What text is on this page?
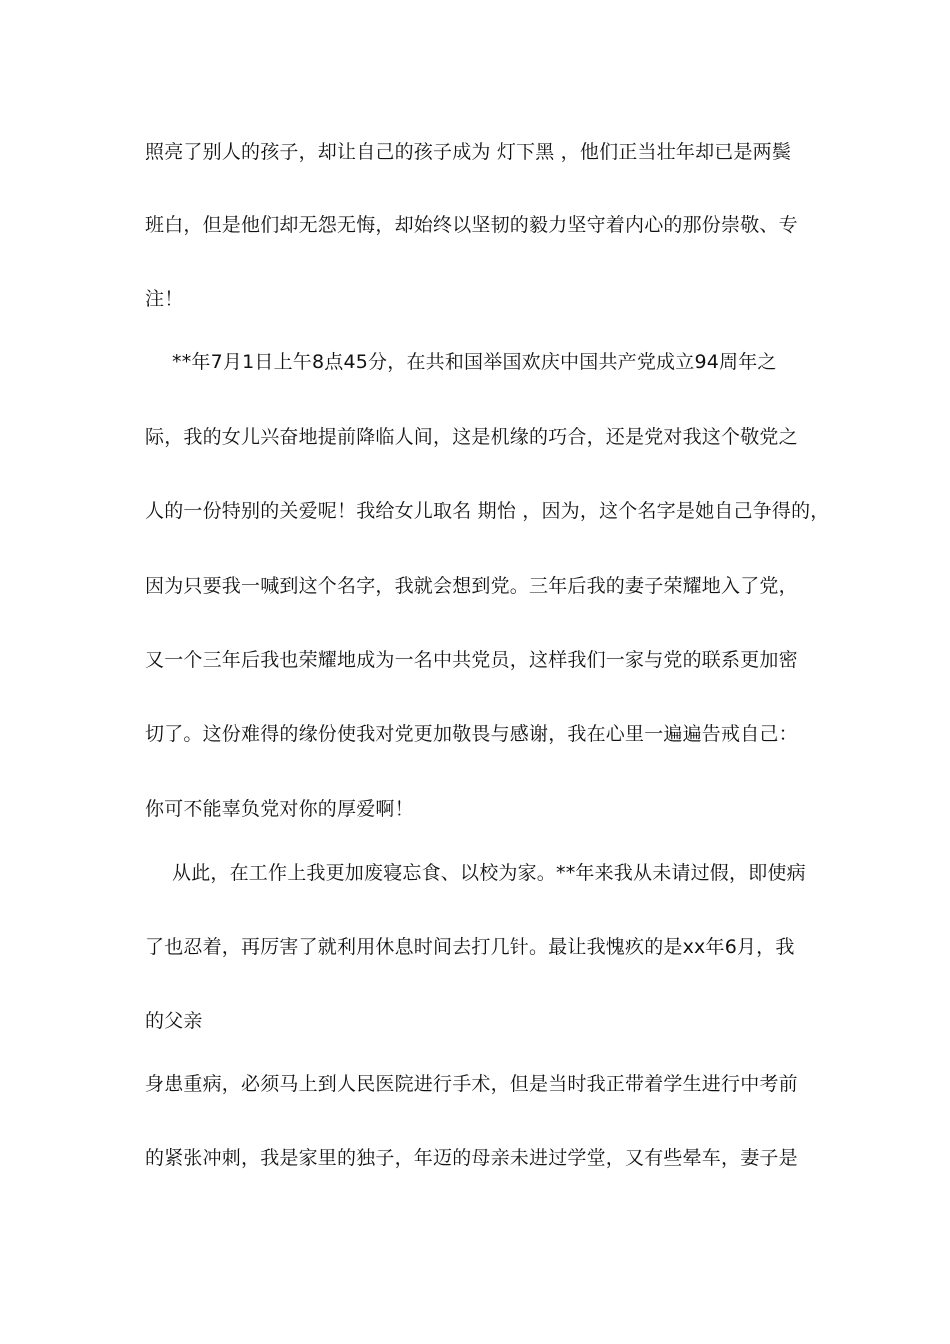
照亮了别人的孩子，却让自己的孩子成为 灯下黑 ，他们正当壮年却已是两鬓
班白，但是他们却无怨无悔，却始终以坚韧的毅力坚守着内心的那份崇敬、专
注！
**年7月1日上午8点45分，在共和国举国欢庆中国共产党成立94周年之
际，我的女儿兴奋地提前降临人间，这是机缘的巧合，还是党对我这个敬党之
人的一份特别的关爱呢！我给女儿取名 期怡 ，因为，这个名字是她自己争得的，
因为只要我一喊到这个名字，我就会想到党。三年后我的妻子荣耀地入了党，
又一个三年后我也荣耀地成为一名中共党员，这样我们一家与党的联系更加密
切了。这份难得的缘份使我对党更加敬畏与感谢，我在心里一遍遍告戒自己：
你可不能辜负党对你的厚爱啊！
从此，在工作上我更加废寝忘食、以校为家。**年来我从未请过假，即使病
了也忍着，再厉害了就利用休息时间去打几针。最让我愧疚的是xx年6月，我
的父亲
身患重病，必须马上到人民医院进行手术，但是当时我正带着学生进行中考前
的紧张冲刺，我是家里的独子，年迈的母亲未进过学堂，又有些晕车，妻子是
